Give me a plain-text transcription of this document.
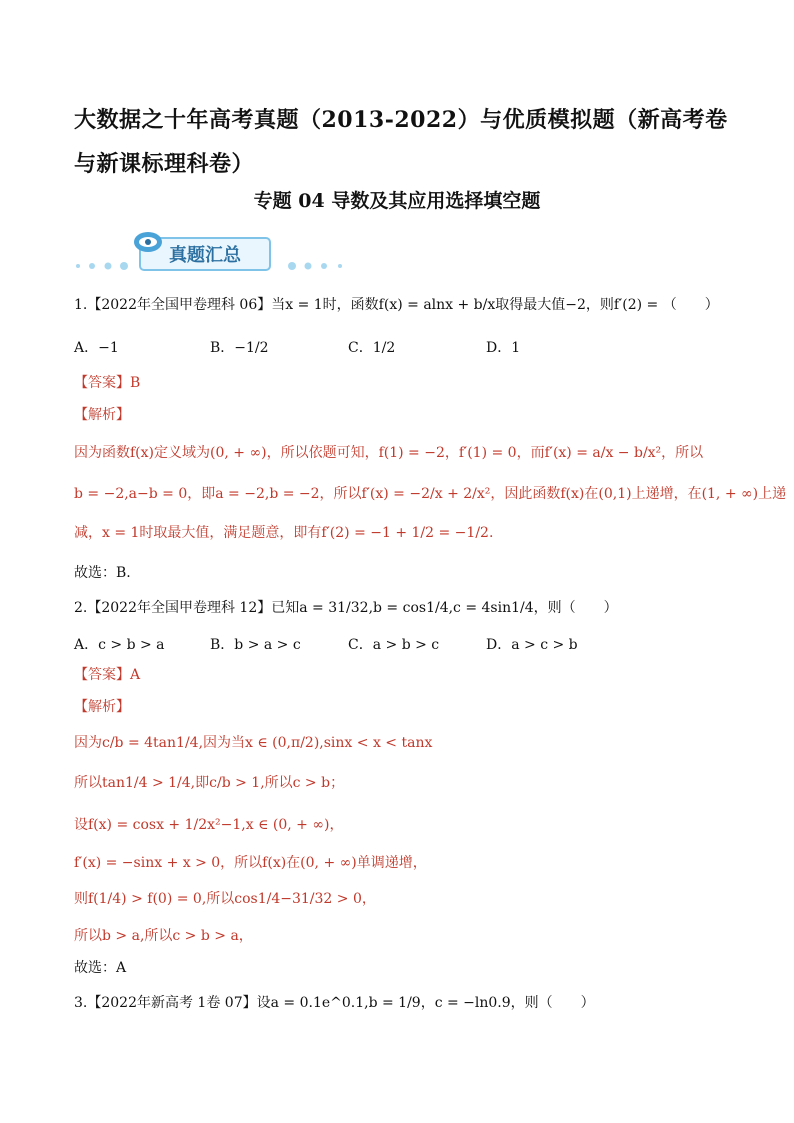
大数据之十年高考真题（2013-2022）与优质模拟题（新高考卷与新课标理科卷）
专题 04 导数及其应用选择填空题
真题汇总
1.【2022年全国甲卷理科 06】当x = 1时，函数f(x) = alnx + b/x取得最大值−2，则f′(2) = （　　）
A．−1	B．−1/2	C．1/2	D．1
【答案】B
【解析】
因为函数f(x)定义域为(0, + ∞)，所以依题可知，f(1) = −2，f′(1) = 0，而f′(x) = a/x − b/x²，所以
b = −2,a−b = 0，即a = −2,b = −2，所以f′(x) = −2/x + 2/x²，因此函数f(x)在(0,1)上递增，在(1, + ∞)上递
减，x = 1时取最大值，满足题意，即有f′(2) = −1 + 1/2 = −1/2.
故选：B.
2.【2022年全国甲卷理科 12】已知a = 31/32,b = cos1/4,c = 4sin1/4，则（　　）
A．c > b > a	B．b > a > c	C．a > b > c	D．a > c > b
【答案】A
【解析】
因为c/b = 4tan1/4,因为当x ∈ (0,π/2),sinx < x < tanx
所以tan1/4 > 1/4,即c/b > 1,所以c > b；
设f(x) = cosx + 1/2x²−1,x ∈ (0, + ∞)，
f′(x) = −sinx + x > 0，所以f(x)在(0, + ∞)单调递增，
则f(1/4) > f(0) = 0,所以cos1/4−31/32 > 0，
所以b > a,所以c > b > a，
故选：A
3.【2022年新高考 1卷 07】设a = 0.1e^0.1,b = 1/9，c = −ln0.9，则（　　）
